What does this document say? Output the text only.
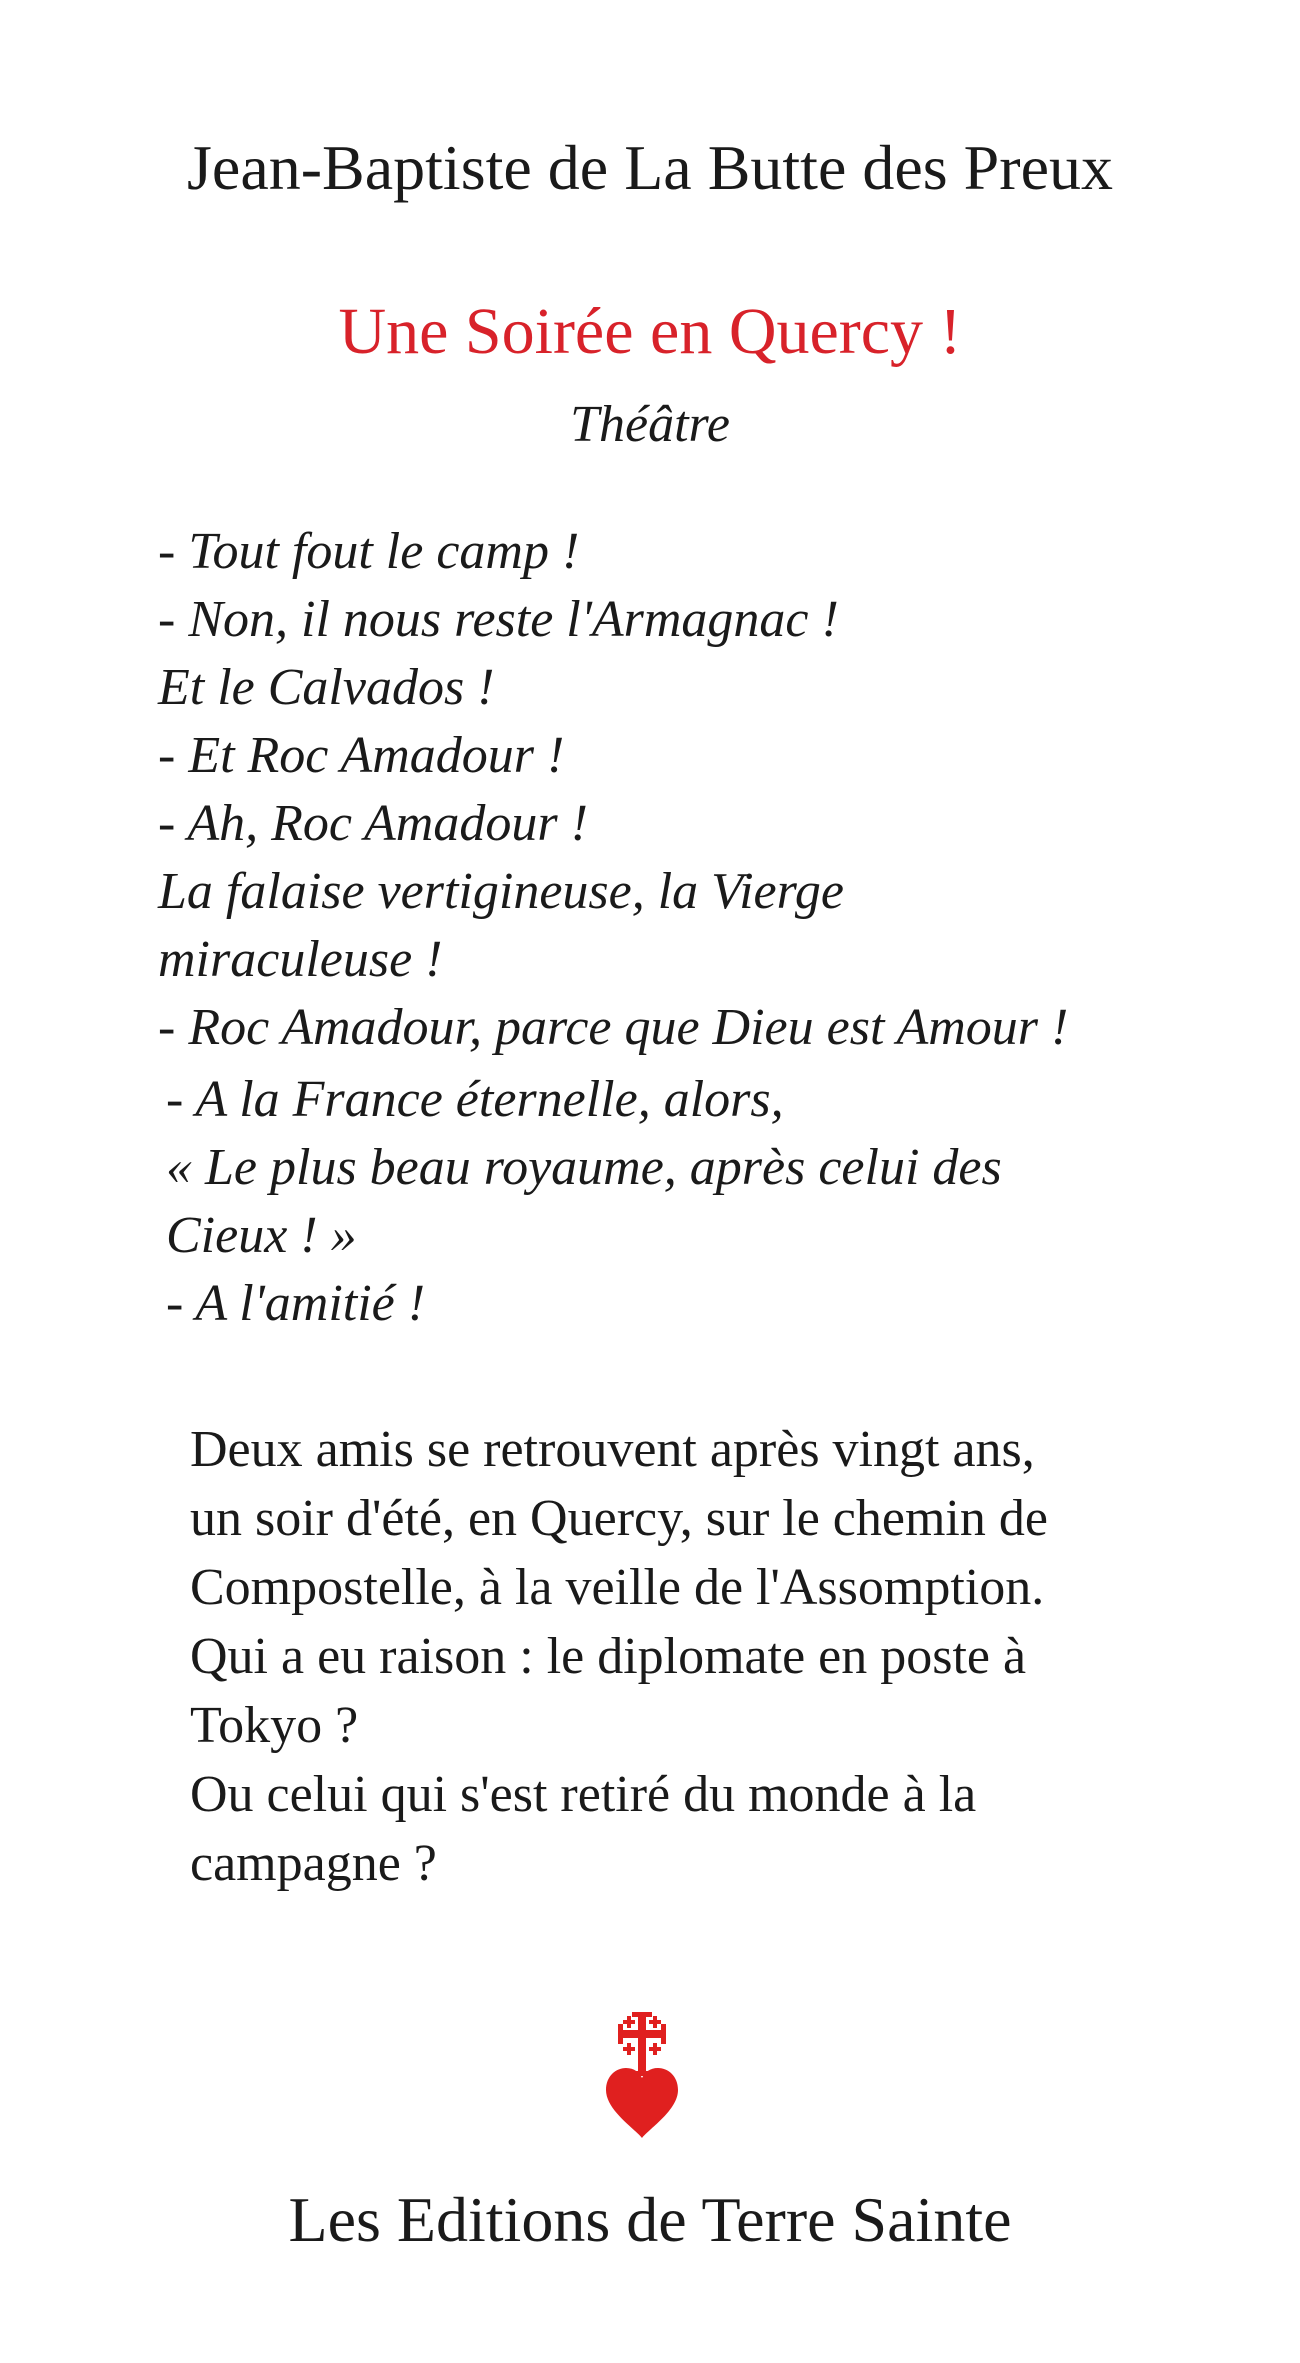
Jean-Baptiste de La Butte des Preux
Une Soirée en Quercy !
Théâtre
- Tout fout le camp !
- Non, il nous reste l'Armagnac !
Et le Calvados !
- Et Roc Amadour !
- Ah, Roc Amadour !
La falaise vertigineuse, la Vierge
miraculeuse !
- Roc Amadour, parce que Dieu est Amour !
- A la France éternelle, alors,
« Le plus beau royaume, après celui des
Cieux ! »
- A l'amitié !
Deux amis se retrouvent après vingt ans,
un soir d'été, en Quercy, sur le chemin de
Compostelle, à la veille de l'Assomption.
Qui a eu raison : le diplomate en poste à
Tokyo ?
Ou celui qui s'est retiré du monde à la
campagne ?
Les Editions de Terre Sainte
